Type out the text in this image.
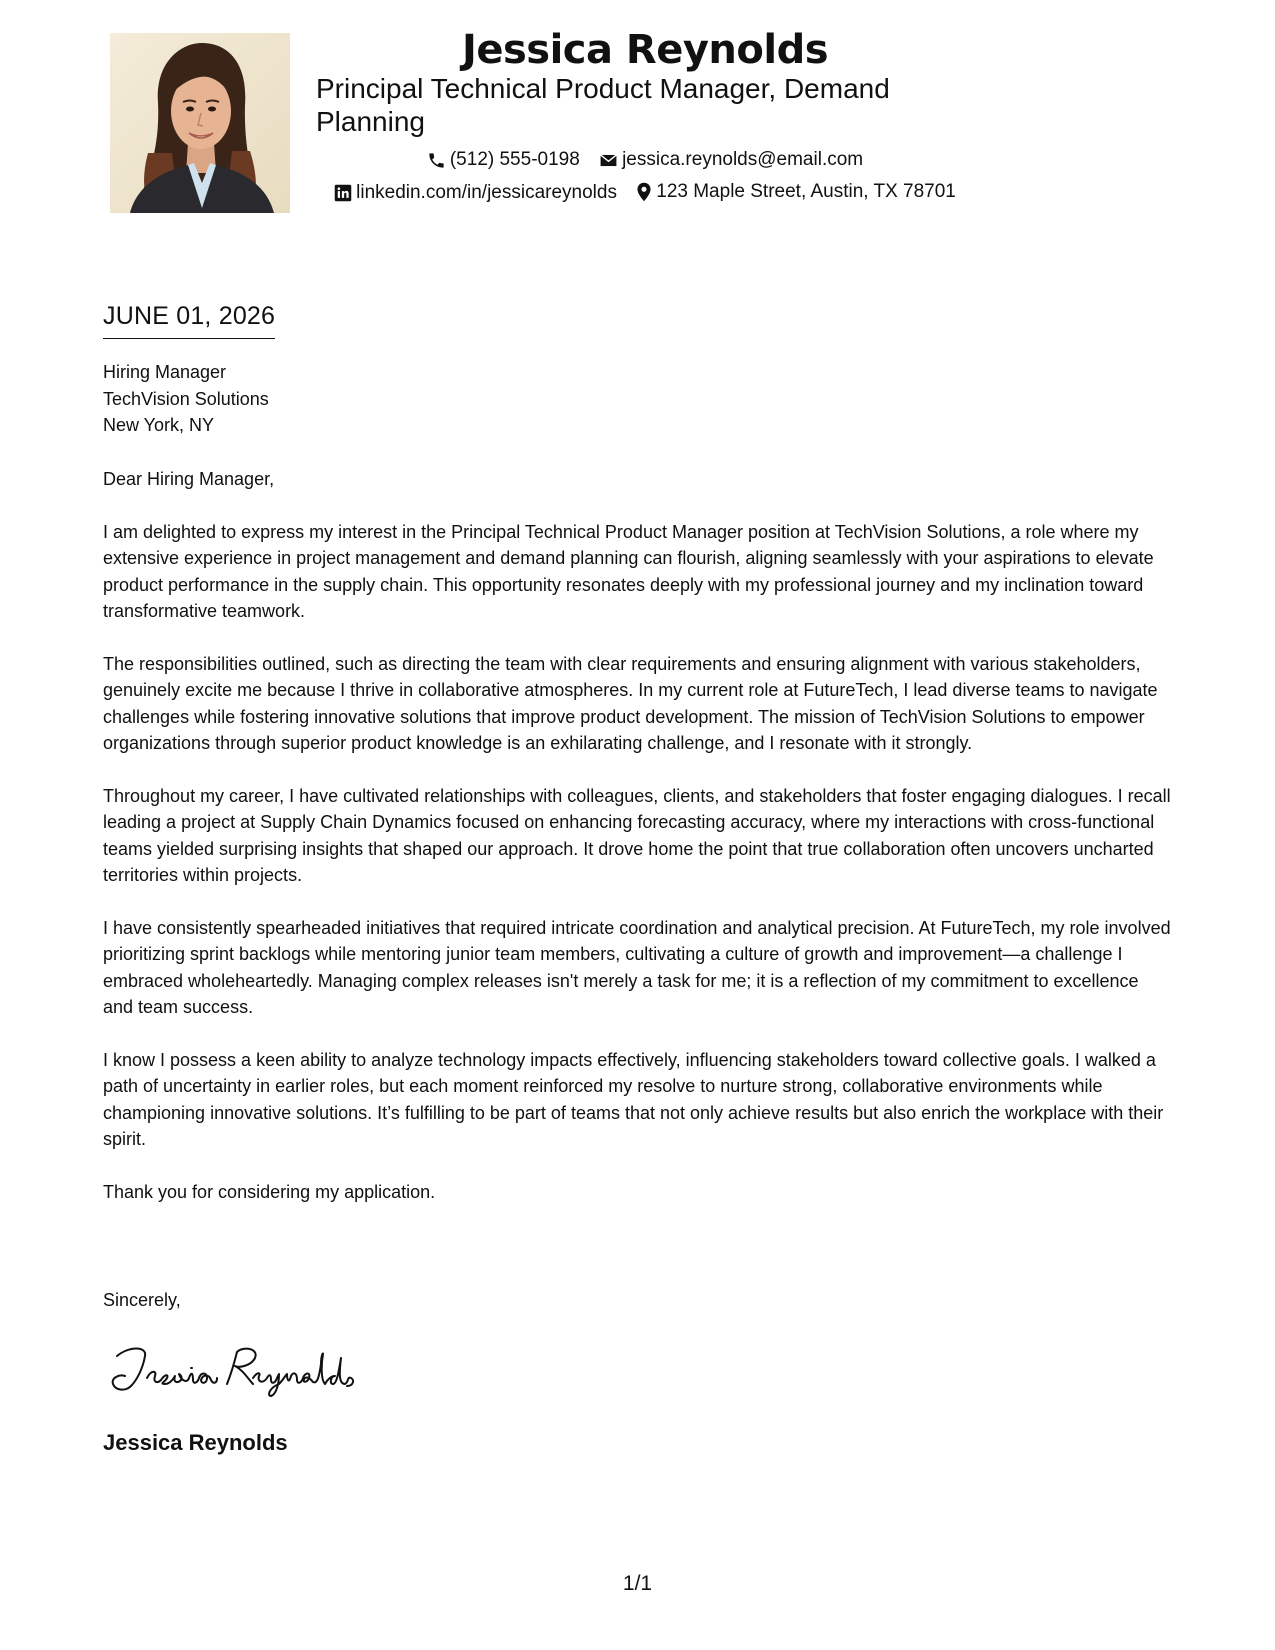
Jessica Reynolds
Principal Technical Product Manager, Demand Planning
(512) 555-0198
jessica.reynolds@email.com
linkedin.com/in/jessicareynolds
123 Maple Street, Austin, TX 78701
JUNE 01, 2026
Hiring Manager
TechVision Solutions
New York, NY

Dear Hiring Manager,

I am delighted to express my interest in the Principal Technical Product Manager position at TechVision Solutions, a role where my extensive experience in project management and demand planning can flourish, aligning seamlessly with your aspirations to elevate product performance in the supply chain. This opportunity resonates deeply with my professional journey and my inclination toward transformative teamwork.

The responsibilities outlined, such as directing the team with clear requirements and ensuring alignment with various stakeholders, genuinely excite me because I thrive in collaborative atmospheres. In my current role at FutureTech, I lead diverse teams to navigate challenges while fostering innovative solutions that improve product development. The mission of TechVision Solutions to empower organizations through superior product knowledge is an exhilarating challenge, and I resonate with it strongly.

Throughout my career, I have cultivated relationships with colleagues, clients, and stakeholders that foster engaging dialogues. I recall leading a project at Supply Chain Dynamics focused on enhancing forecasting accuracy, where my interactions with cross-functional teams yielded surprising insights that shaped our approach. It drove home the point that true collaboration often uncovers uncharted territories within projects.

I have consistently spearheaded initiatives that required intricate coordination and analytical precision. At FutureTech, my role involved prioritizing sprint backlogs while mentoring junior team members, cultivating a culture of growth and improvement—a challenge I embraced wholeheartedly. Managing complex releases isn't merely a task for me; it is a reflection of my commitment to excellence and team success.

I know I possess a keen ability to analyze technology impacts effectively, influencing stakeholders toward collective goals. I walked a path of uncertainty in earlier roles, but each moment reinforced my resolve to nurture strong, collaborative environments while championing innovative solutions. It’s fulfilling to be part of teams that not only achieve results but also enrich the workplace with their spirit.

Thank you for considering my application.

Sincerely,
Jessica Reynolds
1/1
